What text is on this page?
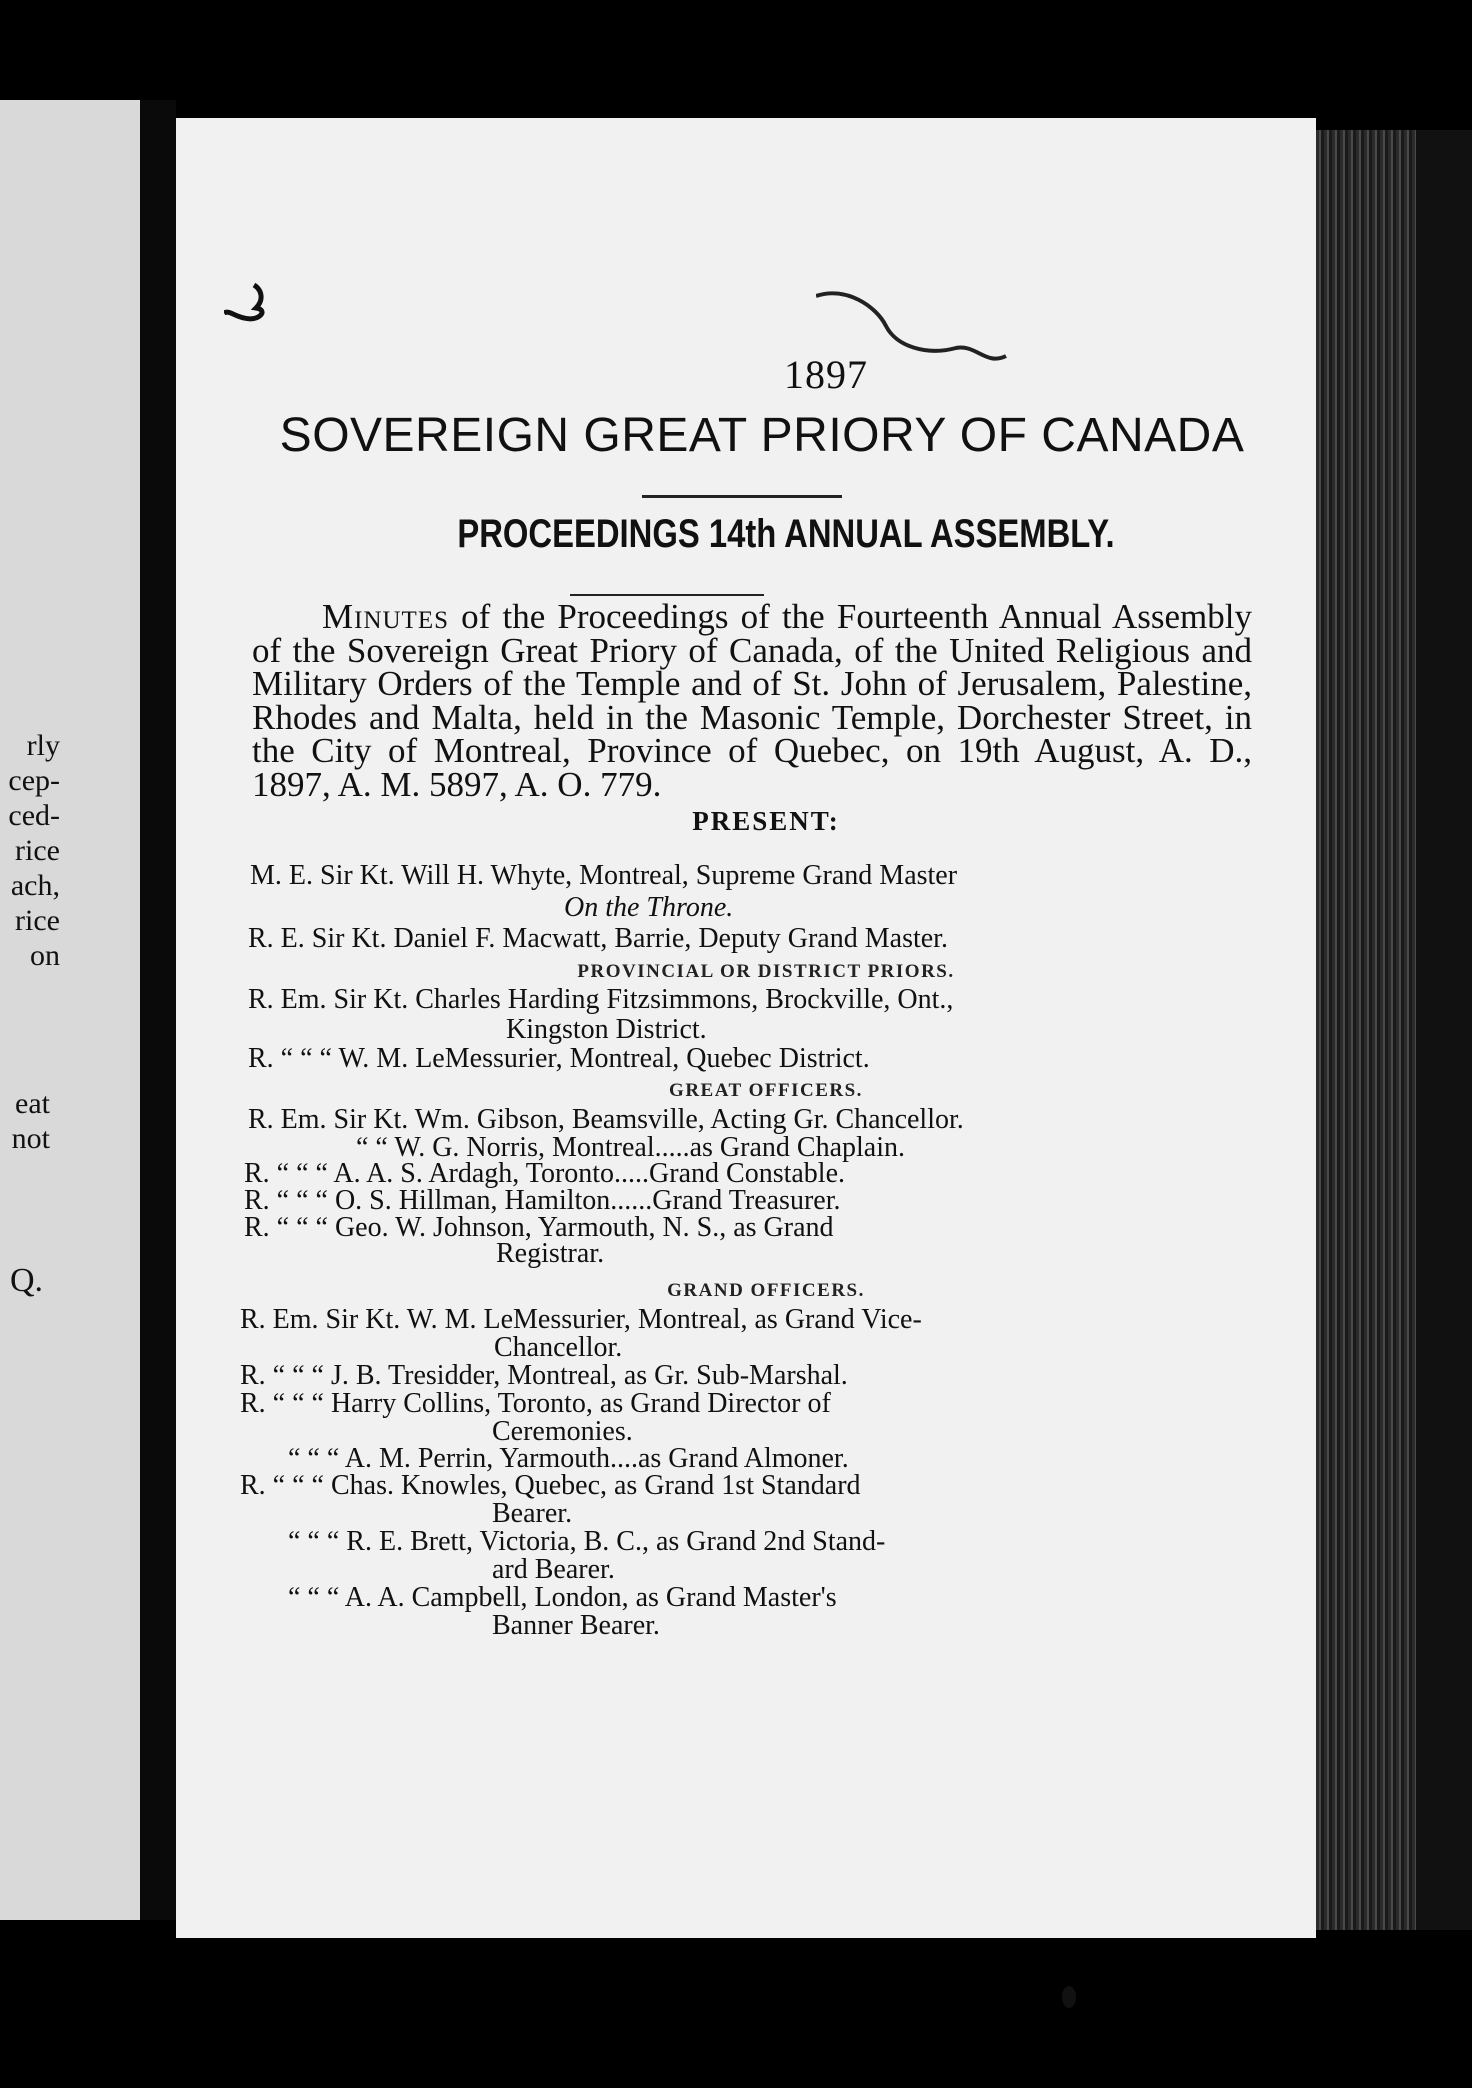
rly
cep-
ced-
rice
ach,
rice
on
eat
not
Q.
1897
SOVEREIGN GREAT PRIORY OF CANADA
PROCEEDINGS 14th ANNUAL ASSEMBLY.
Minutes of the Proceedings of the Fourteenth Annual Assembly of the Sovereign Great Priory of Canada, of the United Religious and Military Orders of the Temple and of St. John of Jerusalem, Palestine, Rhodes and Malta, held in the Masonic Temple, Dorchester Street, in the City of Montreal, Province of Quebec, on 19th August, A. D., 1897, A. M. 5897, A. O. 779.
PRESENT:
M. E. Sir Kt. Will H. Whyte, Montreal, Supreme Grand Master
On the Throne.
R. E. Sir Kt. Daniel F. Macwatt, Barrie, Deputy Grand Master.
PROVINCIAL OR DISTRICT PRIORS.
R. Em. Sir Kt. Charles Harding Fitzsimmons, Brockville, Ont.,
Kingston District.
R. “ “ “ W. M. LeMessurier, Montreal, Quebec District.
GREAT OFFICERS.
R. Em. Sir Kt. Wm. Gibson, Beamsville, Acting Gr. Chancellor.
“ “ W. G. Norris, Montreal.....as Grand Chaplain.
R. “ “ “ A. A. S. Ardagh, Toronto.....Grand Constable.
R. “ “ “ O. S. Hillman, Hamilton......Grand Treasurer.
R. “ “ “ Geo. W. Johnson, Yarmouth, N. S., as Grand
Registrar.
GRAND OFFICERS.
R. Em. Sir Kt. W. M. LeMessurier, Montreal, as Grand Vice-
Chancellor.
R. “ “ “ J. B. Tresidder, Montreal, as Gr. Sub-Marshal.
R. “ “ “ Harry Collins, Toronto, as Grand Director of
Ceremonies.
“ “ “ A. M. Perrin, Yarmouth....as Grand Almoner.
R. “ “ “ Chas. Knowles, Quebec, as Grand 1st Standard
Bearer.
“ “ “ R. E. Brett, Victoria, B. C., as Grand 2nd Stand-
ard Bearer.
“ “ “ A. A. Campbell, London, as Grand Master's
Banner Bearer.
